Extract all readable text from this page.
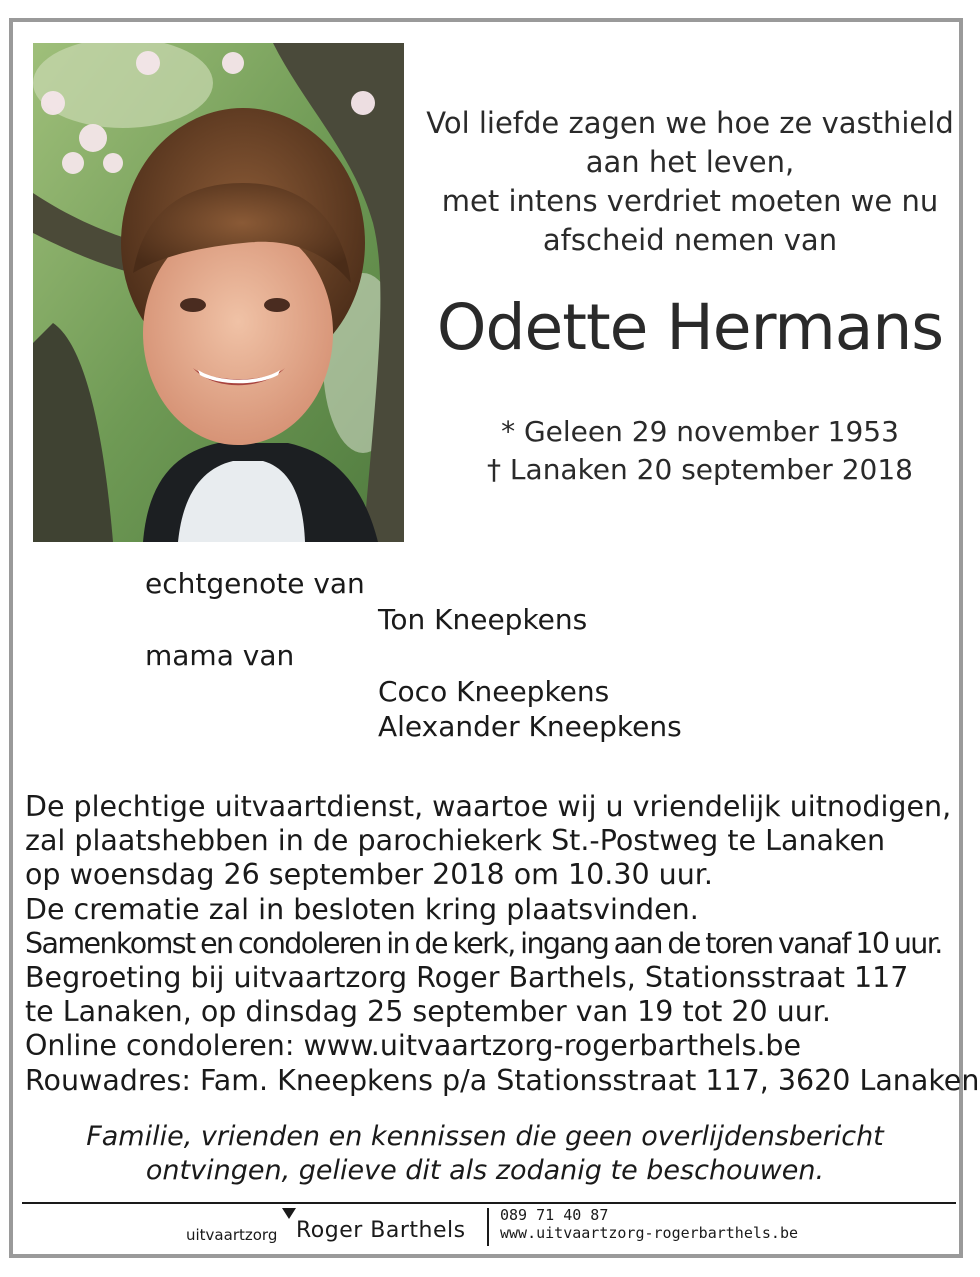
Vol liefde zagen we hoe ze vasthield
aan het leven,
met intens verdriet moeten we nu
afscheid nemen van
Odette Hermans
* Geleen 29 november 1953
† Lanaken 20 september 2018
echtgenote van
Ton Kneepkens
mama van
Coco Kneepkens
Alexander Kneepkens
De plechtige uitvaartdienst, waartoe wij u vriendelijk uitnodigen,
zal plaatshebben in de parochiekerk St.-Postweg te Lanaken
op woensdag 26 september 2018 om 10.30 uur.
De crematie zal in besloten kring plaatsvinden.
Samenkomst en condoleren in de kerk, ingang aan de toren vanaf 10 uur.
Begroeting bij uitvaartzorg Roger Barthels, Stationsstraat 117
te Lanaken, op dinsdag 25 september van 19 tot 20 uur.
Online condoleren: www.uitvaartzorg-rogerbarthels.be
Rouwadres: Fam. Kneepkens p/a Stationsstraat 117, 3620 Lanaken
Familie, vrienden en kennissen die geen overlijdensbericht
ontvingen, gelieve dit als zodanig te beschouwen.
uitvaartzorg Roger Barthels
089 71 40 87
www.uitvaartzorg-rogerbarthels.be
